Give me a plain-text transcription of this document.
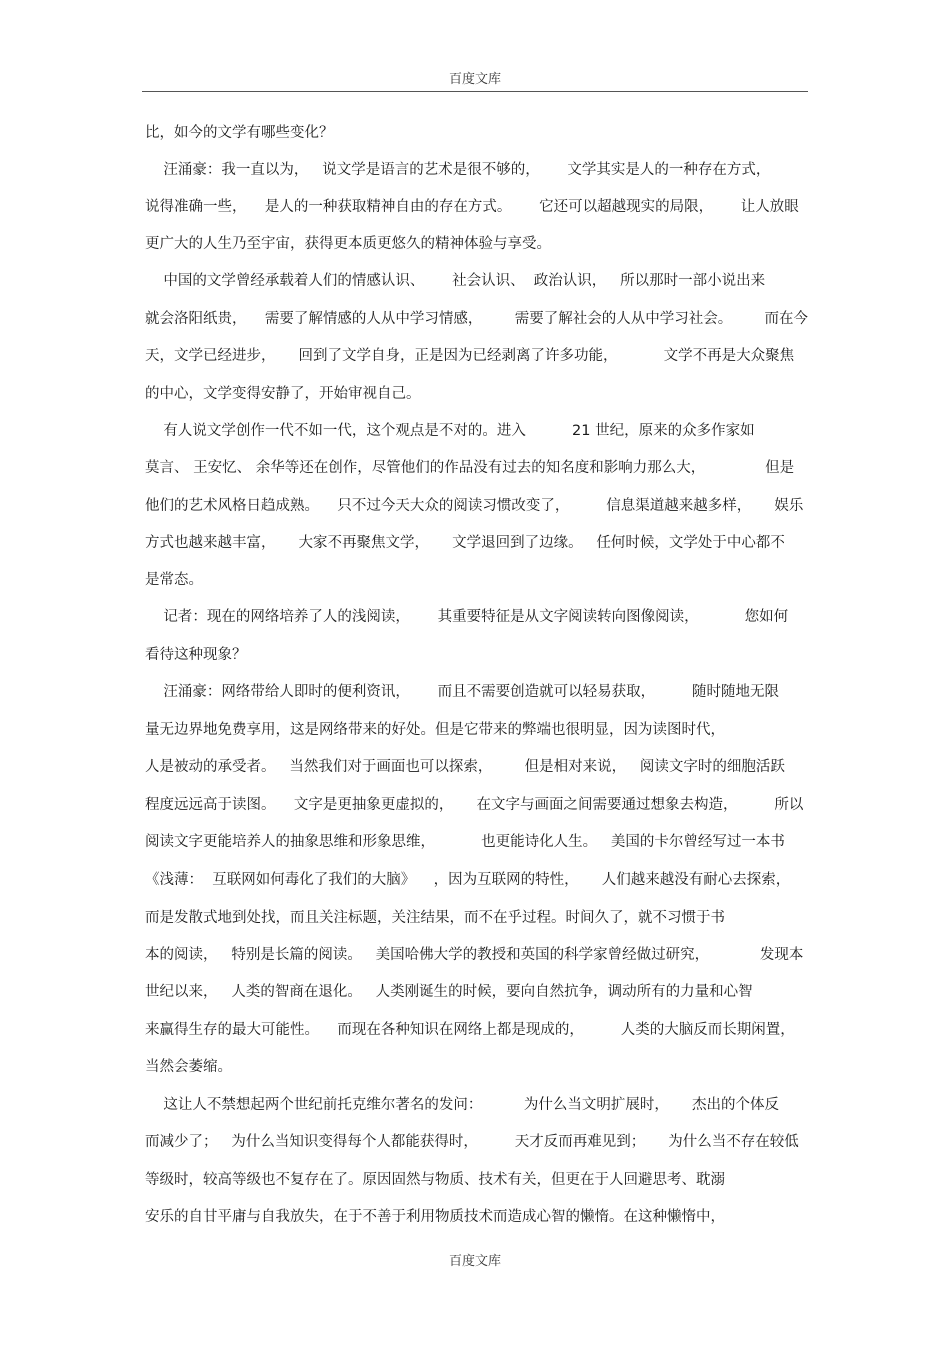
百度文库
比，如今的文学有哪些变化？
汪涌豪：我一直以为，   说文学是语言的艺术是很不够的，      文学其实是人的一种存在方式，
说得准确一些，    是人的一种获取精神自由的存在方式。      它还可以超越现实的局限，      让人放眼
更广大的人生乃至宇宙，获得更本质更悠久的精神体验与享受。
中国的文学曾经承载着人们的情感认识、      社会认识、  政治认识，   所以那时一部小说出来
就会洛阳纸贵，    需要了解情感的人从中学习情感，       需要了解社会的人从中学习社会。       而在今
天，文学已经进步，     回到了文学自身，正是因为已经剥离了许多功能，          文学不再是大众聚焦
的中心，文学变得安静了，开始审视自己。
有人说文学创作一代不如一代，这个观点是不对的。进入          21 世纪，原来的众多作家如
莫言、 王安忆、 余华等还在创作，尽管他们的作品没有过去的知名度和影响力那么大，             但是
他们的艺术风格日趋成熟。    只不过今天大众的阅读习惯改变了，        信息渠道越来越多样，     娱乐
方式也越来越丰富，     大家不再聚焦文学，     文学退回到了边缘。   任何时候，文学处于中心都不
是常态。
记者：现在的网络培养了人的浅阅读，      其重要特征是从文字阅读转向图像阅读，          您如何
看待这种现象？
汪涌豪：网络带给人即时的便利资讯，      而且不需要创造就可以轻易获取，        随时随地无限
量无边界地免费享用，这是网络带来的好处。但是它带来的弊端也很明显，因为读图时代，
人是被动的承受者。   当然我们对于画面也可以探索，       但是相对来说，   阅读文字时的细胞活跃
程度远远高于读图。    文字是更抽象更虚拟的，     在文字与画面之间需要通过想象去构造，        所以
阅读文字更能培养人的抽象思维和形象思维，          也更能诗化人生。   美国的卡尔曾经写过一本书
《浅薄：  互联网如何毒化了我们的大脑》    ，因为互联网的特性，     人们越来越没有耐心去探索，
而是发散式地到处找，而且关注标题，关注结果，而不在乎过程。时间久了，就不习惯于书
本的阅读，   特别是长篇的阅读。   美国哈佛大学的教授和英国的科学家曾经做过研究，           发现本
世纪以来，   人类的智商在退化。   人类刚诞生的时候，要向自然抗争，调动所有的力量和心智
来赢得生存的最大可能性。    而现在各种知识在网络上都是现成的，        人类的大脑反而长期闲置，
当然会萎缩。
这让人不禁想起两个世纪前托克维尔著名的发问：         为什么当文明扩展时，     杰出的个体反
而减少了；   为什么当知识变得每个人都能获得时，        天才反而再难见到；     为什么当不存在较低
等级时，较高等级也不复存在了。原因固然与物质、技术有关，但更在于人回避思考、耽溺
安乐的自甘平庸与自我放失，在于不善于利用物质技术而造成心智的懒惰。在这种懒惰中，
百度文库
